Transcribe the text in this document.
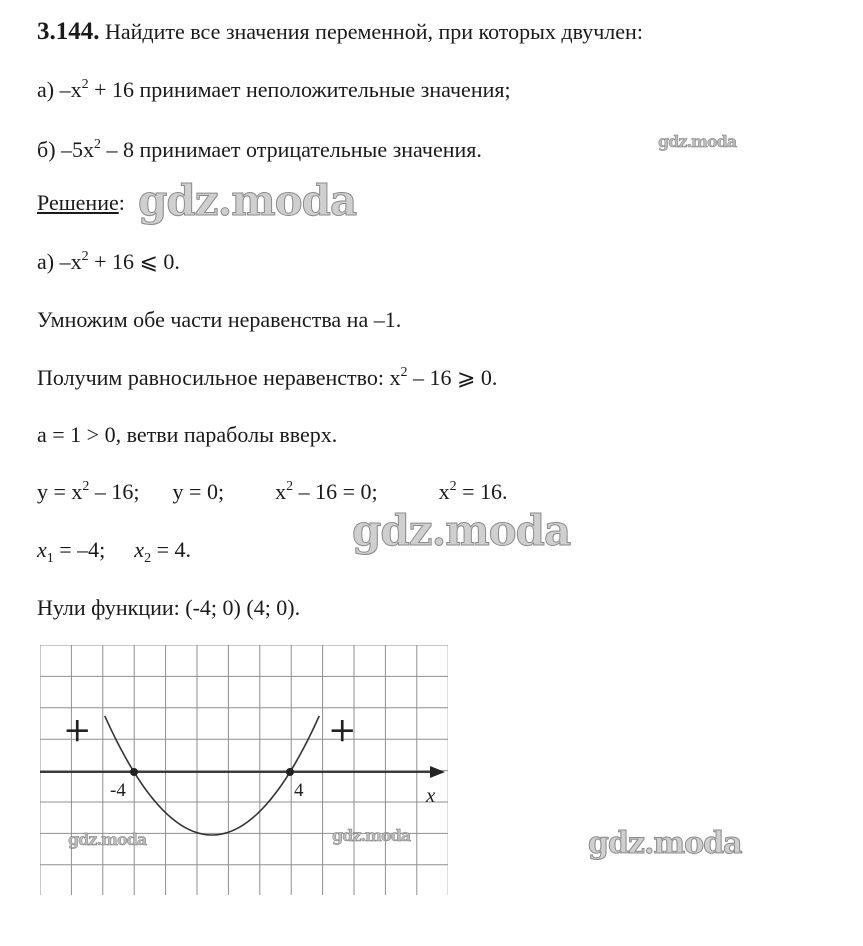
3.144. Найдите все значения переменной, при которых двучлен:
а) $-x^2 + 16$ принимает неположительные значения;
б) $-5x^2 - 8$ принимает отрицательные значения.
Решение:
а) $-x^2 + 16$ ⩽ 0.
Умножим обе части неравенства на –1.
Получим равносильное неравенство: $x^2 - 16$ ⩾ 0.
a = 1 > 0, ветви параболы вверх.
$y = x^2 - 16$; y = 0; $x^2 - 16 = 0$;	$x^2 = 16$.
$x_1 = -4$; $x_2 = 4$.
Нули функции: (-4; 0) (4; 0).
+	+
-4	4	x
gdz.moda
gdz.moda
gdz.moda
gdz.moda	gdz.moda	gdz.moda
